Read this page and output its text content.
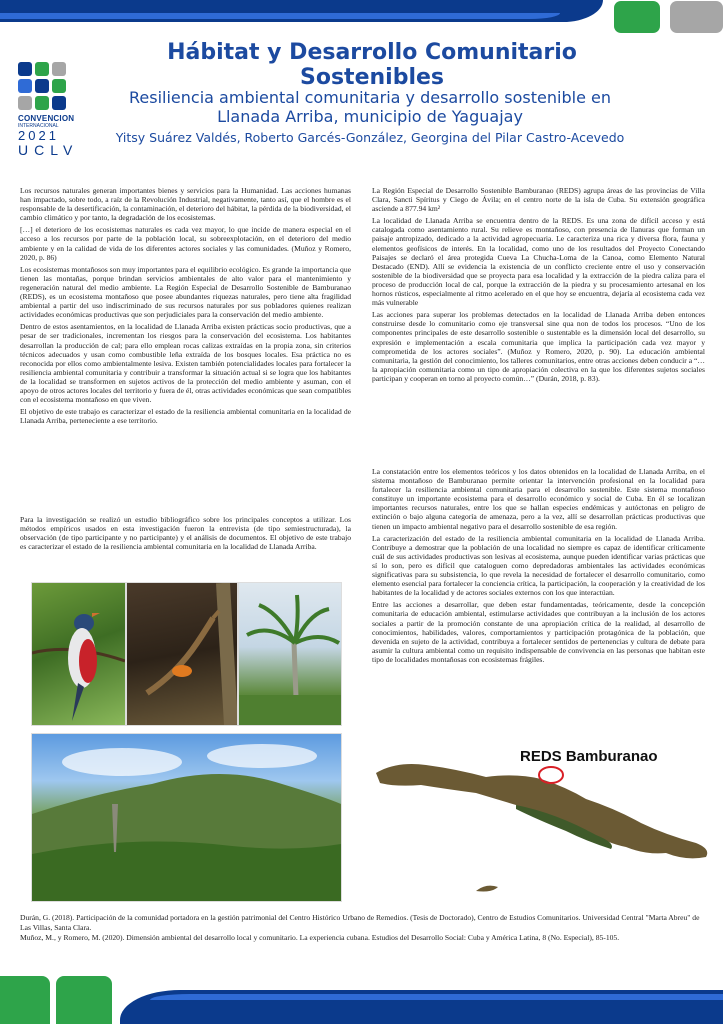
CONVENCION
INTERNACIONAL
2021
UCLV
Hábitat y Desarrollo Comunitario Sostenibles
Resiliencia ambiental comunitaria y desarrollo sostenible en
Llanada Arriba, municipio de Yaguajay
Yitsy Suárez Valdés, Roberto Garcés-González, Georgina del Pilar Castro-Acevedo

Los recursos naturales generan importantes bienes y servicios para la Humanidad. Las acciones humanas han impactado, sobre todo, a raíz de la Revolución Industrial, negativamente, tanto así, que el hombre es el responsable de la desertificación, la contaminación, el deterioro del hábitat, la pérdida de la biodiversidad, el cambio climático y por tanto, la degradación de los ecosistemas.

[…] el deterioro de los ecosistemas naturales es cada vez mayor, lo que incide de manera especial en el acceso a los recursos por parte de la población local, su sobreexplotación, en el deterioro del medio ambiente y en la calidad de vida de los diferentes actores sociales y las comunidades. (Muñoz y Romero, 2020, p. 86)

Los ecosistemas montañosos son muy importantes para el equilibrio ecológico. Es grande la importancia que tienen las montañas, porque brindan servicios ambientales de alto valor para el mantenimiento y regeneración natural del medio ambiente. La Región Especial de Desarrollo Sostenible de Bamburanao (REDS), es un ecosistema montañoso que posee abundantes riquezas naturales, pero tiene alta fragilidad ambiental a partir del uso indiscriminado de sus recursos naturales por sus pobladores quienes realizan actividades económicas productivas que son perjudiciales para la conservación del medio ambiente.

Dentro de estos asentamientos, en la localidad de Llanada Arriba existen prácticas socio productivas, que a pesar de ser tradicionales, incrementan los riesgos para la conservación del ecosistema. Los habitantes desarrollan la producción de cal; para ello emplean rocas calizas extraídas en la propia zona, sin criterios técnicos adecuados y usan como combustible leña extraída de los bosques locales. Esa práctica no es reconocida por ellos como ambientalmente lesiva. Existen también potencialidades locales para fortalecer la resiliencia ambiental comunitaria y contribuir a transformar la situación actual si se logra que los habitantes de la localidad se transformen en sujetos activos de la protección del medio ambiente y asuman, con el apoyo de otros actores locales del territorio y fuera de él, otras actividades económicas que sean compatibles con el ecosistema montañoso en que viven.

El objetivo de este trabajo es caracterizar el estado de la resiliencia ambiental comunitaria en la localidad de Llanada Arriba, perteneciente a ese territorio.

Para la investigación se realizó un estudio bibliográfico sobre los principales conceptos a utilizar. Los métodos empíricos usados en esta investigación fueron la entrevista (de tipo semiestructurada), la observación (de tipo participante y no participante) y el análisis de documentos. El objetivo de este trabajo es caracterizar el estado de la resiliencia ambiental comunitaria en la localidad de Llanada Arriba.

La Región Especial de Desarrollo Sostenible Bamburanao (REDS) agrupa áreas de las provincias de Villa Clara, Sancti Spíritus y Ciego de Ávila; en el centro norte de la isla de Cuba. Su extensión geográfica asciende a 877.94 km²

La localidad de Llanada Arriba se encuentra dentro de la REDS. Es una zona de difícil acceso y está catalogada como asentamiento rural. Su relieve es montañoso, con presencia de llanuras que forman un paisaje antropizado, dedicado a la actividad agropecuaria. Le caracteriza una rica y diversa flora, fauna y elementos geofísicos de interés. En la localidad, como uno de los resultados del Proyecto Conectando Paisajes se declaró el área protegida Cueva La Chucha-Loma de la Canoa, como Elemento Natural Destacado (END). Allí se evidencia la existencia de un conflicto creciente entre el uso y conservación sostenible de la biodiversidad que se proyecta para esa localidad y la extracción de la piedra caliza para el proceso de producción local de cal, porque la extracción de la piedra y su procesamiento artesanal en los hornos rústicos, especialmente al ritmo acelerado en el que hoy se encuentra, dejaría al ecosistema cada vez más vulnerable

Las acciones para superar los problemas detectados en la localidad de Llanada Arriba deben entonces construirse desde lo comunitario como eje transversal sine qua non de todos los procesos. “Uno de los componentes principales de este desarrollo sostenible o sustentable es la dimensión local del desarrollo, su expresión e implementación a escala comunitaria que implica la participación cada vez mayor y comprometida de los actores sociales”. (Muñoz y Romero, 2020, p. 90). La educación ambiental comunitaria, la gestión del conocimiento, los talleres comunitarios, entre otras acciones deben conducir a “…la apropiación comunitaria como un tipo de apropiación colectiva en la que los diferentes sujetos sociales participan y cooperan en torno al proyecto común…” (Durán, 2018, p. 83).

La constatación entre los elementos teóricos y los datos obtenidos en la localidad de Llanada Arriba, en el sistema montañoso de Bamburanao permite orientar la intervención profesional en la localidad para fortalecer la resiliencia ambiental comunitaria para el desarrollo sostenible. Este sistema montañoso constituye un importante ecosistema para el desarrollo económico y social de Cuba. En él se localizan importantes recursos naturales, entre los que se hallan especies endémicas y autóctonas en peligro de extinción o bajo alguna categoría de amenaza, pero a la vez, allí se desarrollan prácticas productivas que tienen un impacto ambiental negativo para el desarrollo sostenible de esa región.

La caracterización del estado de la resiliencia ambiental comunitaria en la localidad de Llanada Arriba. Contribuye a demostrar que la población de una localidad no siempre es capaz de identificar críticamente cuál de sus actividades productivas son lesivas al ecosistema, aunque pueden identificar varias prácticas que sí lo son, pero es difícil que cataloguen como depredadoras ambientales las actividades económicas significativas para su subsistencia, lo que revela la necesidad de fortalecer el desarrollo comunitario, como elemento esencial para fortalecer la conciencia crítica, la participación, la cooperación y la creatividad de los habitantes de la localidad y de actores sociales externos con los que interactúan.

Entre las acciones a desarrollar, que deben estar fundamentadas, teóricamente, desde la concepción comunitaria de educación ambiental, estimularse actividades que contribuyan a la inclusión de los actores sociales a partir de la promoción constante de una apropiación crítica de la realidad, al desarrollo de conocimientos, habilidades, valores, comportamientos y participación protagónica de la población, que devenida en sujeto de la actividad, contribuya a fortalecer sentidos de pertenencias y cultura de debate para asumir la cultura ambiental como un requisito indispensable de convivencia en las personas que habitan este tipo de localidades montañosas con ecosistemas frágiles.

REDS Bamburanao

Durán, G. (2018). Participación de la comunidad portadora en la gestión patrimonial del Centro Histórico Urbano de Remedios. (Tesis de Doctorado), Centro de Estudios Comunitarios. Universidad Central "Marta Abreu" de Las Villas, Santa Clara.

Muñoz, M., y Romero, M. (2020). Dimensión ambiental del desarrollo local y comunitario. La experiencia cubana. Estudios del Desarrollo Social: Cuba y América Latina, 8 (No. Especial), 85-105.
